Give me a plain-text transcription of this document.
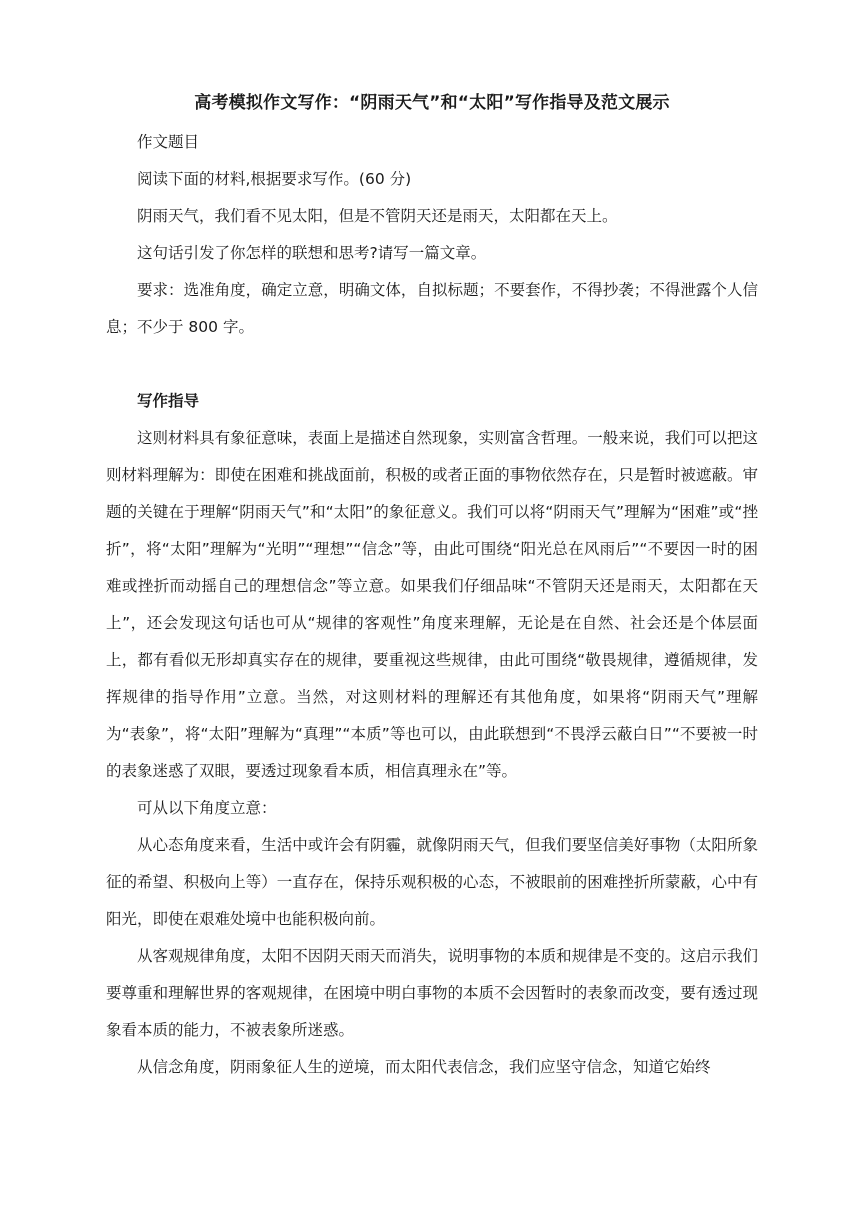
高考模拟作文写作：“阴雨天气”和“太阳”写作指导及范文展示

作文题目

阅读下面的材料,根据要求写作。(60 分)

阴雨天气，我们看不见太阳，但是不管阴天还是雨天，太阳都在天上。

这句话引发了你怎样的联想和思考?请写一篇文章。

要求：选准角度，确定立意，明确文体，自拟标题；不要套作，不得抄袭；不得泄露个人信息；不少于 800 字。

写作指导

这则材料具有象征意味，表面上是描述自然现象，实则富含哲理。一般来说，我们可以把这则材料理解为：即使在困难和挑战面前，积极的或者正面的事物依然存在，只是暂时被遮蔽。审题的关键在于理解“阴雨天气”和“太阳”的象征意义。我们可以将“阴雨天气”理解为“困难”或“挫折”，将“太阳”理解为“光明”“理想”“信念”等，由此可围绕“阳光总在风雨后”“不要因一时的困难或挫折而动摇自己的理想信念”等立意。如果我们仔细品味“不管阴天还是雨天，太阳都在天上”，还会发现这句话也可从“规律的客观性”角度来理解，无论是在自然、社会还是个体层面上，都有看似无形却真实存在的规律，要重视这些规律，由此可围绕“敬畏规律，遵循规律，发挥规律的指导作用”立意。当然，对这则材料的理解还有其他角度，如果将“阴雨天气”理解为“表象”，将“太阳”理解为“真理”“本质”等也可以，由此联想到“不畏浮云蔽白日”“不要被一时的表象迷惑了双眼，要透过现象看本质，相信真理永在”等。

可从以下角度立意：

从心态角度来看，生活中或许会有阴霾，就像阴雨天气，但我们要坚信美好事物（太阳所象征的希望、积极向上等）一直存在，保持乐观积极的心态，不被眼前的困难挫折所蒙蔽，心中有阳光，即使在艰难处境中也能积极向前。

从客观规律角度，太阳不因阴天雨天而消失，说明事物的本质和规律是不变的。这启示我们要尊重和理解世界的客观规律，在困境中明白事物的本质不会因暂时的表象而改变，要有透过现象看本质的能力，不被表象所迷惑。

从信念角度，阴雨象征人生的逆境，而太阳代表信念，我们应坚守信念，知道它始终
